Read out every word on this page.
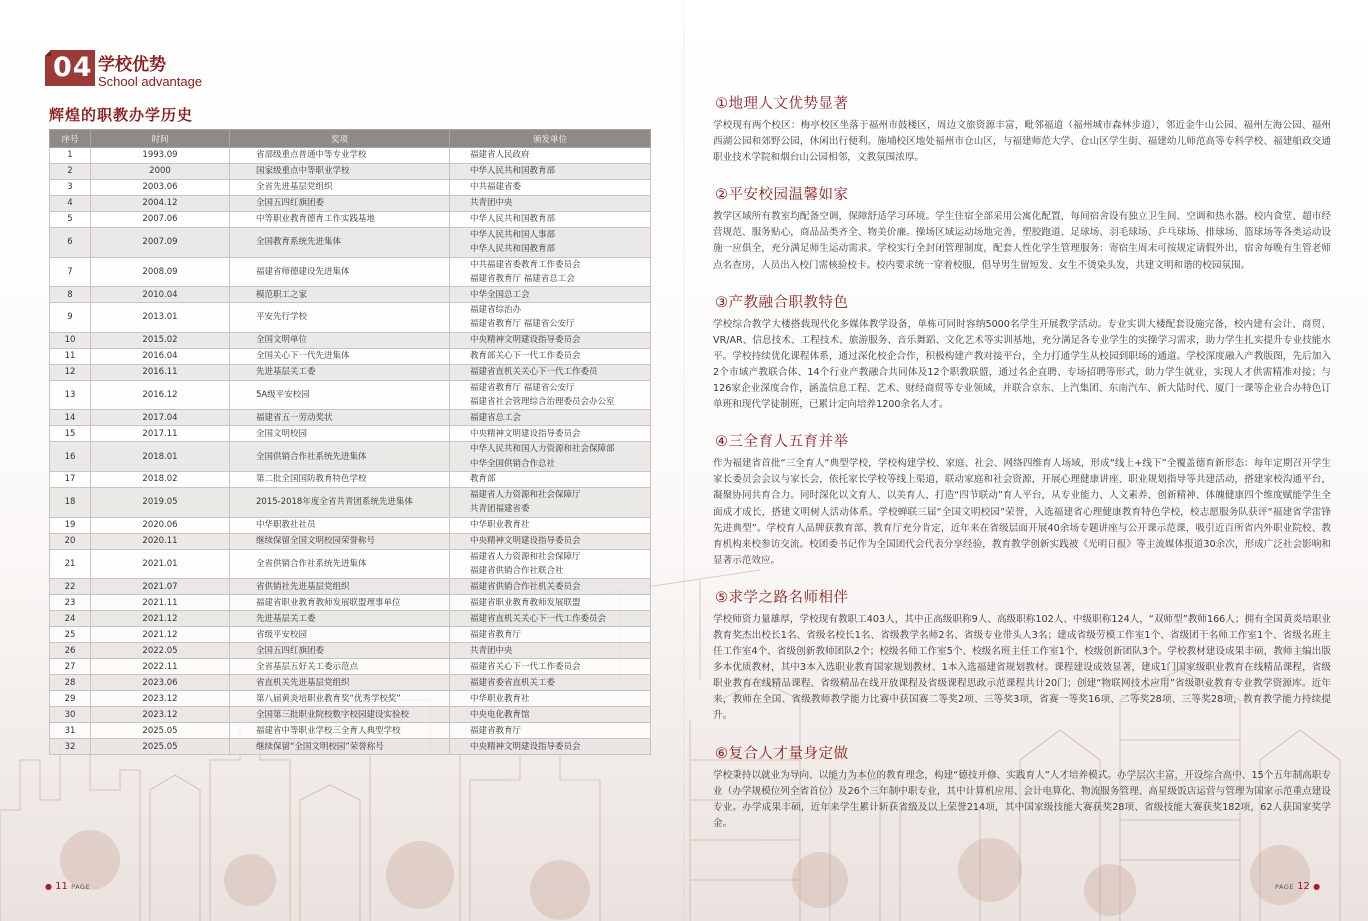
04 学校优势
School advantage
辉煌的职教办学历史
序号	时间	奖项	颁发单位
1	1993.09	省部级重点普通中等专业学校	福建省人民政府

2	2000	国家级重点中等职业学校	中华人民共和国教育部

3	2003.06	全省先进基层党组织	中共福建省委

4	2004.12	全国五四红旗团委	共青团中央

5	2007.06	中等职业教育德育工作实践基地	中华人民共和国教育部

6	2007.09	全国教育系统先进集体	中华人民共和国人事部
中华人民共和国教育部

7	2008.09	福建省师德建设先进集体	中共福建省委教育工作委员会
福建省教育厅 福建省总工会

8	2010.04	模范职工之家	中华全国总工会

9	2013.01	平安先行学校	福建省综治办
福建省教育厅 福建省公安厅

10	2015.02	全国文明单位	中央精神文明建设指导委员会

11	2016.04	全国关心下一代先进集体	教育部关心下一代工作委员会

12	2016.11	先进基层关工委	福建省直机关关心下一代工作委员

13	2016.12	5A级平安校园	福建省教育厅 福建省公安厅
福建省社会管理综合治理委员会办公室

14	2017.04	福建省五一劳动奖状	福建省总工会

15	2017.11	全国文明校园	中央精神文明建设指导委员会

16	2018.01	全国供销合作社系统先进集体	中华人民共和国人力资源和社会保障部
中华全国供销合作总社

17	2018.02	第二批全国国防教育特色学校	教育部

18	2019.05	2015-2018年度全省共青团系统先进集体	福建省人力资源和社会保障厅
共青团福建省委

19	2020.06	中华职教社社员	中华职业教育社

20	2020.11	继续保留全国文明校园荣誉称号	中央精神文明建设指导委员会

21	2021.01	全省供销合作社系统先进集体	福建省人力资源和社会保障厅
福建省供销合作社联合社

22	2021.07	省供销社先进基层党组织	福建省供销合作社机关委员会

23	2021.11	福建省职业教育教师发展联盟理事单位	福建省职业教育教师发展联盟

24	2021.12	先进基层关工委	福建省直机关关心下一代工作委员会

25	2021.12	省级平安校园	福建省教育厅

26	2022.05	全国五四红旗团委	共青团中央

27	2022.11	全省基层五好关工委示范点	福建省关心下一代工作委员会

28	2023.06	省直机关先进基层党组织	福建省委省直机关工委

29	2023.12	第八届黄炎培职业教育奖“优秀学校奖”	中华职业教育社

30	2023.12	全国第三批职业院校数字校园建设实验校	中央电化教育馆

31	2025.05	福建省中等职业学校三全育人典型学校	福建省教育厅

32	2025.05	继续保留“全国文明校园”荣誉称号	中央精神文明建设指导委员会
①地理人文优势显著

学校现有两个校区：梅亭校区坐落于福州市鼓楼区，周边文旅资源丰富，毗邻福道（福州城市森林步道），邻近金牛山公园、福州左海公园、福州西湖公园和郊野公园，休闲出行便利。施埔校区地处福州市仓山区，与福建师范大学、仓山区学生街、福建幼儿师范高等专科学校、福建船政交通职业技术学院和烟台山公园相邻，文教氛围浓厚。

②平安校园温馨如家

教学区域所有教室均配备空调，保障舒适学习环境。学生住宿全部采用公寓化配置，每间宿舍设有独立卫生间、空调和热水器。校内食堂、超市经营规范、服务贴心，商品品类齐全、物美价廉。操场区域运动场地完善，塑胶跑道、足球场、羽毛球场、乒乓球场、排球场、篮球场等各类运动设施一应俱全，充分满足师生运动需求。学校实行全封闭管理制度，配套人性化学生管理服务：寄宿生周末可按规定请假外出，宿舍每晚有生管老师点名查房，人员出入校门需核验校卡。校内要求统一穿着校服，倡导男生留短发、女生不烫染头发，共建文明和谐的校园氛围。

③产教融合职教特色

学校综合教学大楼搭载现代化多媒体教学设备，单栋可同时容纳5000名学生开展教学活动。专业实训大楼配套设施完备，校内建有会计、商贸、VR/AR、信息技术、工程技术、旅游服务、音乐舞蹈、文化艺术等实训基地，充分满足各专业学生的实操学习需求，助力学生扎实提升专业技能水平。学校持续优化课程体系，通过深化校企合作，积极构建产教对接平台，全力打通学生从校园到职场的通道。学校深度融入产教版图，先后加入2个市域产教联合体、14个行业产教融合共同体及12个职教联盟，通过名企直聘、专场招聘等形式，助力学生就业，实现人才供需精准对接；与126家企业深度合作，涵盖信息工程、艺术、财经商贸等专业领域，并联合京东、上汽集团、东南汽车、新大陆时代、厦门一课等企业合办特色订单班和现代学徒制班，已累计定向培养1200余名人才。

④三全育人五育并举

作为福建省首批“三全育人”典型学校，学校构建学校、家庭、社会、网络四维育人场域，形成“线上+线下”全覆盖德育新形态：每年定期召开学生家长委员会会议与家长会，依托家长学校等线上渠道，联动家庭和社会资源，开展心理健康讲座、职业规划指导等共建活动，搭建家校沟通平台，凝聚协同共育合力。同时深化以文育人、以美育人，打造“四节联动”育人平台，从专业能力、人文素养、创新精神、体魄健康四个维度赋能学生全面成才成长，搭建文明树人活动体系。学校蝉联三届“全国文明校园”荣誉，入选福建省心理健康教育特色学校，校志愿服务队获评“福建省学雷锋先进典型”。学校育人品牌获教育部、教育厅充分肯定，近年来在省级层面开展40余场专题讲座与公开课示范课，吸引近百所省内外职业院校、教育机构来校参访交流。校团委书记作为全国团代会代表分享经验，教育教学创新实践被《光明日报》等主流媒体报道30余次，形成广泛社会影响和显著示范效应。

⑤求学之路名师相伴

学校师资力量雄厚，学校现有教职工403人，其中正高级职称9人、高级职称102人、中级职称124人，“双师型”教师166人；拥有全国黄炎培职业教育奖杰出校长1名、省级名校长1名、省级教学名师2名、省级专业带头人3名；建成省级劳模工作室1个、省级团干名师工作室1个、省级名班主任工作室4个、省级创新教师团队2个；校级名师工作室5个、校级名班主任工作室1个、校级创新团队3个。学校教材建设成果丰硕，教师主编出版多本优质教材，其中3本入选职业教育国家规划教材、1本入选福建省规划教材。课程建设成效显著，建成1门国家级职业教育在线精品课程，省级职业教育在线精品课程、省级精品在线开放课程及省级课程思政示范课程共计20门；创建“物联网技术应用”省级职业教育专业教学资源库。近年来，教师在全国、省级教师教学能力比赛中获国赛二等奖2项、三等奖3项，省赛一等奖16项、二等奖28项、三等奖28项，教育教学能力持续提升。

⑥复合人才量身定做

学校秉持以就业为导向、以能力为本位的教育理念，构建“德技并修、实践育人”人才培养模式。办学层次丰富，开设综合高中、15个五年制高职专业（办学规模位列全省首位）及26个三年制中职专业，其中计算机应用、会计电算化、物流服务管理、高星级饭店运营与管理为国家示范重点建设专业。办学成果丰硕，近年来学生累计斩获省级及以上荣誉214项，其中国家级技能大赛获奖28项、省级技能大赛获奖182项，62人获国家奖学金。

● 11 PAGE	PAGE 12 ●
